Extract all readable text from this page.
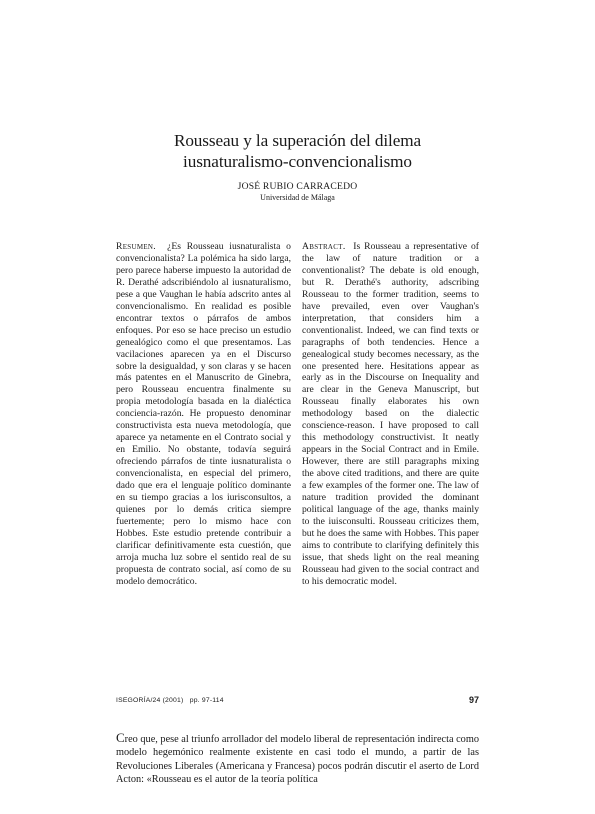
Rousseau y la superación del dilema
iusnaturalismo-convencionalismo
JOSÉ RUBIO CARRACEDO
Universidad de Málaga
Resumen.  ¿Es Rousseau iusnaturalista o convencionalista? La polémica ha sido larga, pero parece haberse impuesto la autoridad de R. Derathé adscribiéndolo al iusnaturalismo, pese a que Vaughan le había adscrito antes al convencionalismo. En realidad es posible encontrar textos o párrafos de ambos enfoques. Por eso se hace preciso un estudio genealógico como el que presentamos. Las vacilaciones aparecen ya en el Discurso sobre la desigualdad, y son claras y se hacen más patentes en el Manuscrito de Ginebra, pero Rousseau encuentra finalmente su propia metodología basada en la dialéctica conciencia-razón. He propuesto denominar constructivista esta nueva metodología, que aparece ya netamente en el Contrato social y en Emilio. No obstante, todavía seguirá ofreciendo párrafos de tinte iusnaturalista o convencionalista, en especial del primero, dado que era el lenguaje político dominante en su tiempo gracias a los iurisconsultos, a quienes por lo demás critica siempre fuertemente; pero lo mismo hace con Hobbes. Este estudio pretende contribuir a clarificar definitivamente esta cuestión, que arroja mucha luz sobre el sentido real de su propuesta de contrato social, así como de su modelo democrático.
Abstract.  Is Rousseau a representative of the law of nature tradition or a conventionalist? The debate is old enough, but R. Derathé's authority, adscribing Rousseau to the former tradition, seems to have prevailed, even over Vaughan's interpretation, that considers him a conventionalist. Indeed, we can find texts or paragraphs of both tendencies. Hence a genealogical study becomes necessary, as the one presented here. Hesitations appear as early as in the Discourse on Inequality and are clear in the Geneva Manuscript, but Rousseau finally elaborates his own methodology based on the dialectic conscience-reason. I have proposed to call this methodology constructivist. It neatly appears in the Social Contract and in Emile. However, there are still paragraphs mixing the above cited traditions, and there are quite a few examples of the former one. The law of nature tradition provided the dominant political language of the age, thanks mainly to the iuisconsulti. Rousseau criticizes them, but he does the same with Hobbes. This paper aims to contribute to clarifying definitely this issue, that sheds light on the real meaning Rousseau had given to the social contract and to his democratic model.
Creo que, pese al triunfo arrollador del modelo liberal de representación indirecta como modelo hegemónico realmente existente en casi todo el mundo, a partir de las Revoluciones Liberales (Americana y Francesa) pocos podrán discutir el aserto de Lord Acton: «Rousseau es el autor de la teoría política
ISEGORÍA/24 (2001) pp. 97-114	97
